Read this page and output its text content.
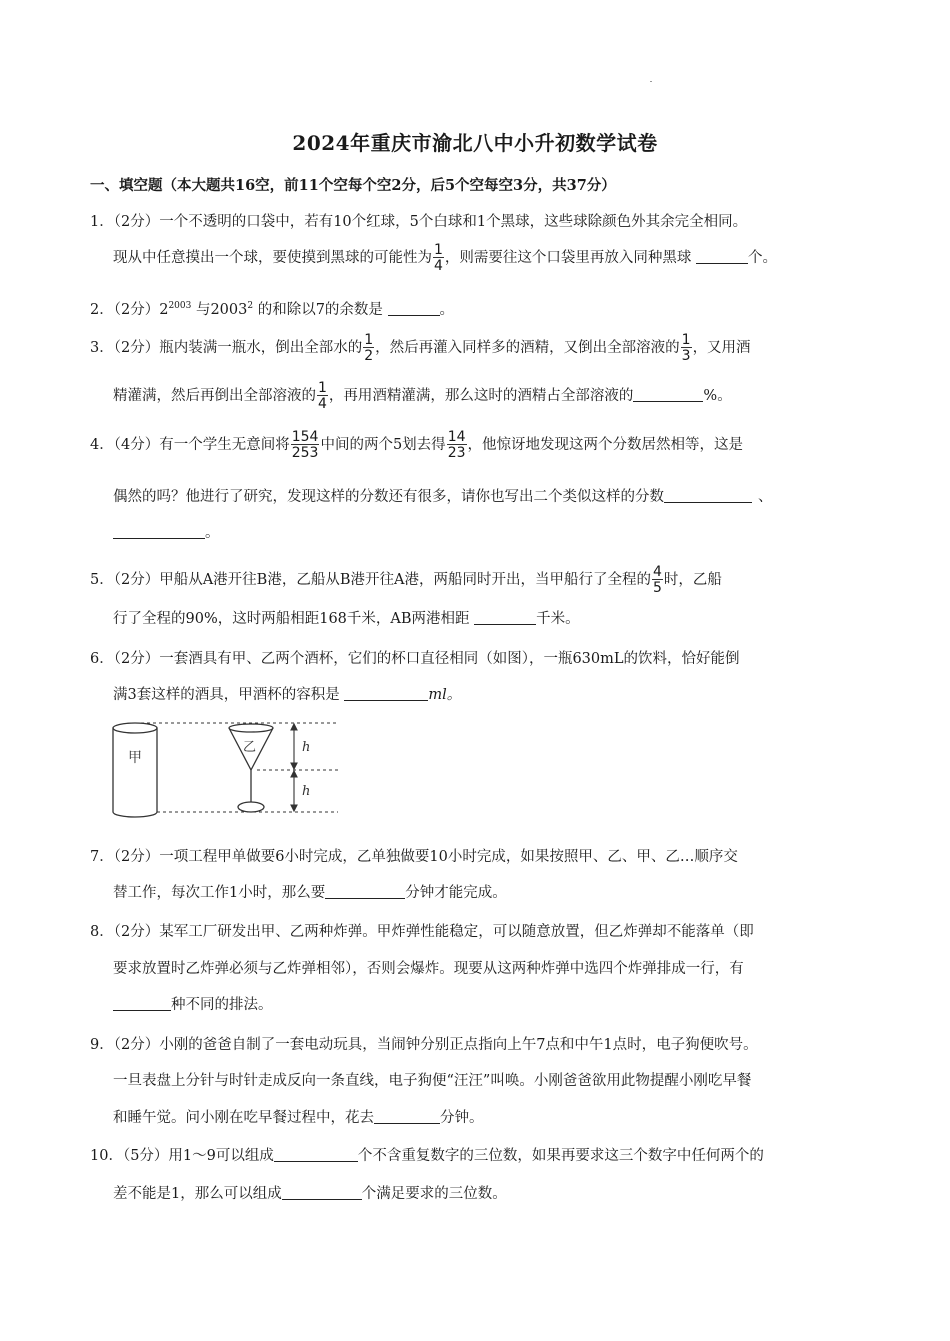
2024年重庆市渝北八中小升初数学试卷
一、填空题（本大题共16空，前11个空每个空2分，后5个空每空3分，共37分）
1．（2分）一个不透明的口袋中，若有10个红球，5个白球和1个黑球，这些球除颜色外其余完全相同。
现从中任意摸出一个球，要使摸到黑球的可能性为 $\frac{1}{4}$ ，则需要往这个口袋里再放入同种黑球	个。
2．（2分）$2^{2003}$ 与2003$^2$ 的和除以7的余数是	。
3．（2分）瓶内装满一瓶水，倒出全部水的 $\frac{1}{2}$ ，然后再灌入同样多的酒精，又倒出全部溶液的 $\frac{1}{3}$ ，又用酒
精灌满，然后再倒出全部溶液的 $\frac{1}{4}$ ，再用酒精灌满，那么这时的酒精占全部溶液的	%。
4．（4分）有一个学生无意间将 $\frac{154}{253}$ 中间的两个5划去得 $\frac{14}{23}$ ，他惊讶地发现这两个分数居然相等，这是
偶然的吗？他进行了研究，发现这样的分数还有很多，请你也写出二个类似这样的分数	、
。
5．（2分）甲船从A港开往B港，乙船从B港开往A港，两船同时开出，当甲船行了全程的 $\frac{4}{5}$ 时，乙船
行了全程的90%，这时两船相距168千米，AB两港相距	千米。
6．（2分）一套酒具有甲、乙两个酒杯，它们的杯口直径相同（如图），一瓶630mL的饮料，恰好能倒
满3套这样的酒具，甲酒杯的容积是	ml。
甲
乙	h
h
7．（2分）一项工程甲单做要6小时完成，乙单独做要10小时完成，如果按照甲、乙、甲、乙…顺序交
替工作，每次工作1小时，那么要	分钟才能完成。
8．（2分）某军工厂研发出甲、乙两种炸弹。甲炸弹性能稳定，可以随意放置，但乙炸弹却不能落单（即
要求放置时乙炸弹必须与乙炸弹相邻），否则会爆炸。现要从这两种炸弹中选四个炸弹排成一行，有
种不同的排法。
9．（2分）小刚的爸爸自制了一套电动玩具，当闹钟分别正点指向上午7点和中午1点时，电子狗便吹号。
一旦表盘上分针与时针走成反向一条直线，电子狗便“汪汪”叫唤。小刚爸爸欲用此物提醒小刚吃早餐
和睡午觉。问小刚在吃早餐过程中，花去	分钟。
10．（5分）用1～9可以组成	个不含重复数字的三位数，如果再要求这三个数字中任何两个的
差不能是1，那么可以组成	个满足要求的三位数。
